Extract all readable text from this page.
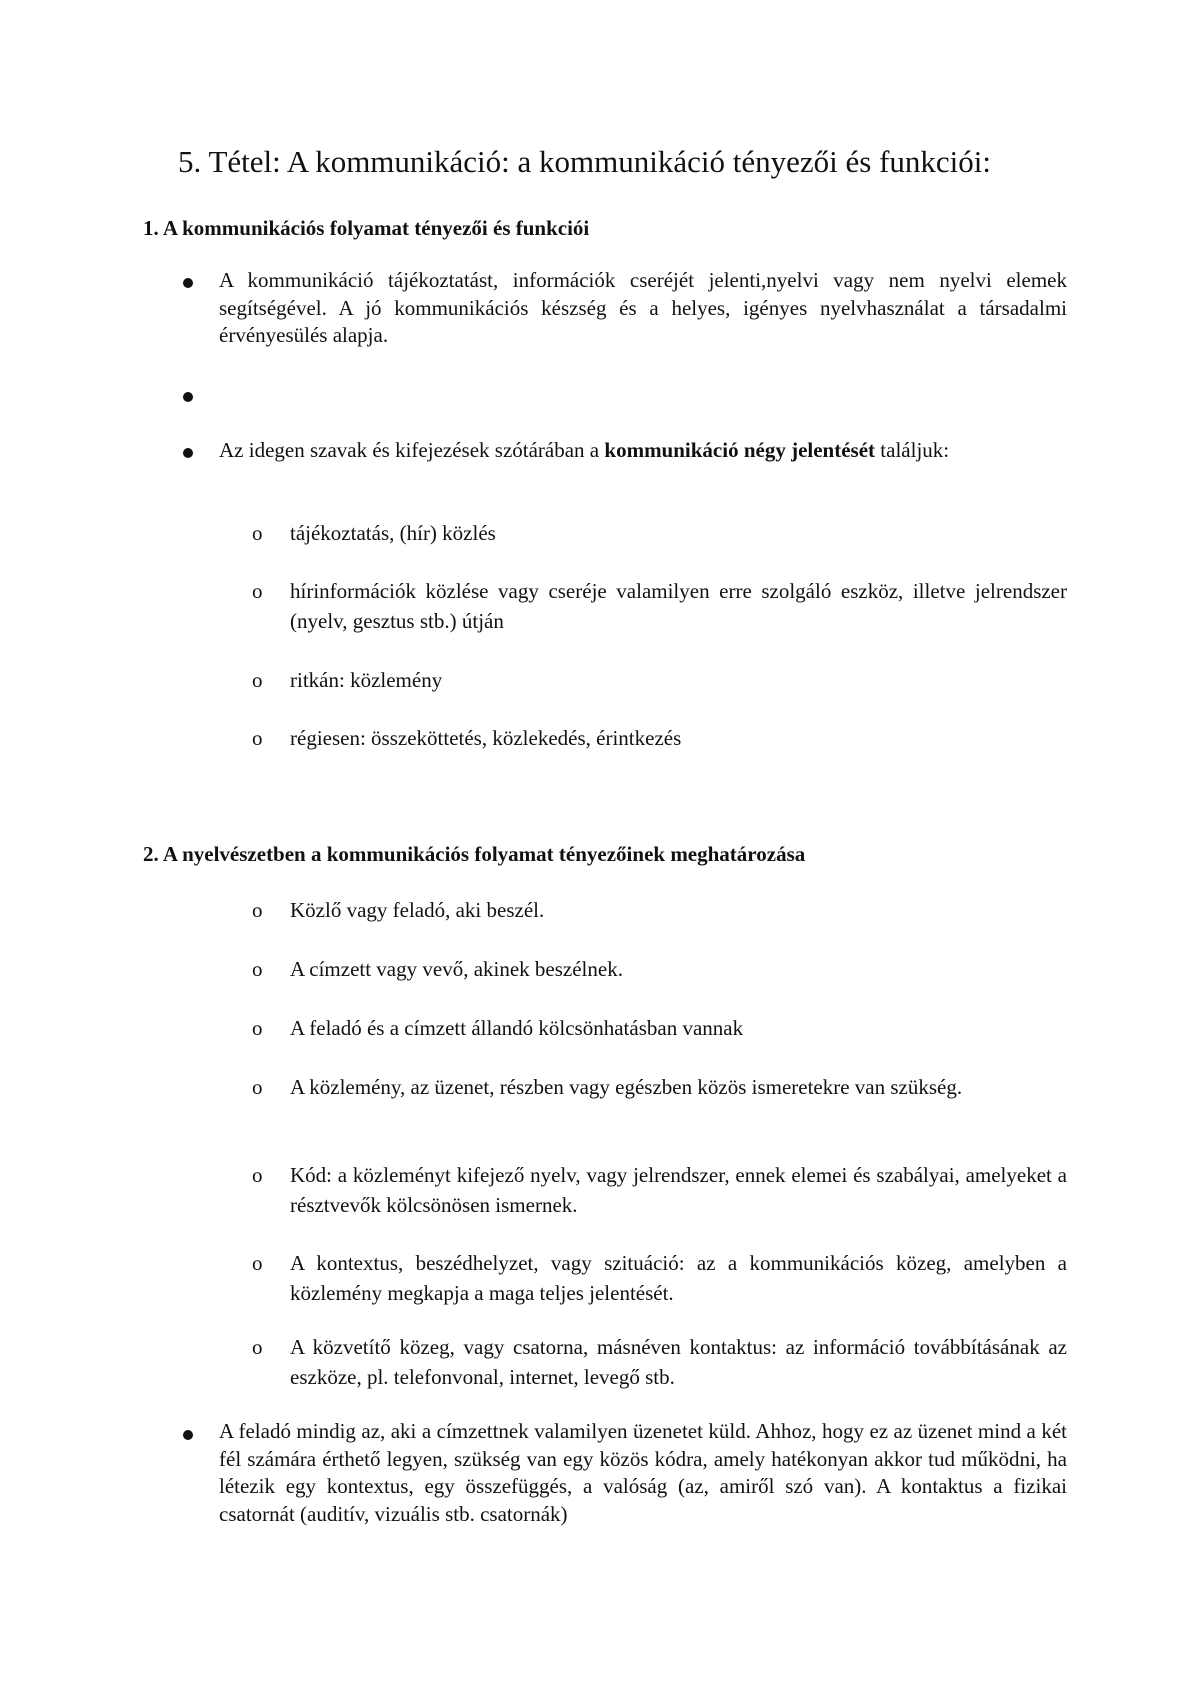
5. Tétel: A kommunikáció: a kommunikáció tényezői és funkciói:
1. A kommunikációs folyamat tényezői és funkciói

A kommunikáció tájékoztatást, információk cseréjét jelenti,nyelvi vagy nem nyelvi elemek segítségével. A jó kommunikációs készség és a helyes, igényes nyelvhasználat a társadalmi érvényesülés alapja.

Az idegen szavak és kifejezések szótárában a kommunikáció négy jelentését találjuk:

o tájékoztatás, (hír) közlés

o hírinformációk közlése vagy cseréje valamilyen erre szolgáló eszköz, illetve jelrendszer (nyelv, gesztus stb.) útján

o ritkán: közlemény

o régiesen: összeköttetés, közlekedés, érintkezés

2. A nyelvészetben a kommunikációs folyamat tényezőinek meghatározása
o Közlő vagy feladó, aki beszél.

o A címzett vagy vevő, akinek beszélnek.

o A feladó és a címzett állandó kölcsönhatásban vannak

o A közlemény, az üzenet, részben vagy egészben közös ismeretekre van szükség.

o Kód: a közleményt kifejező nyelv, vagy jelrendszer, ennek elemei és szabályai, amelyeket a résztvevők kölcsönösen ismernek.

o A kontextus, beszédhelyzet, vagy szituáció: az a kommunikációs közeg, amelyben a közlemény megkapja a maga teljes jelentését.

o A közvetítő közeg, vagy csatorna, másnéven kontaktus: az információ továbbításának az eszköze, pl. telefonvonal, internet, levegő stb.

A feladó mindig az, aki a címzettnek valamilyen üzenetet küld. Ahhoz, hogy ez az üzenet mind a két fél számára érthető legyen, szükség van egy közös kódra, amely hatékonyan akkor tud működni, ha létezik egy kontextus, egy összefüggés, a valóság (az, amiről szó van). A kontaktus a fizikai csatornát (auditív, vizuális stb. csatornák)
